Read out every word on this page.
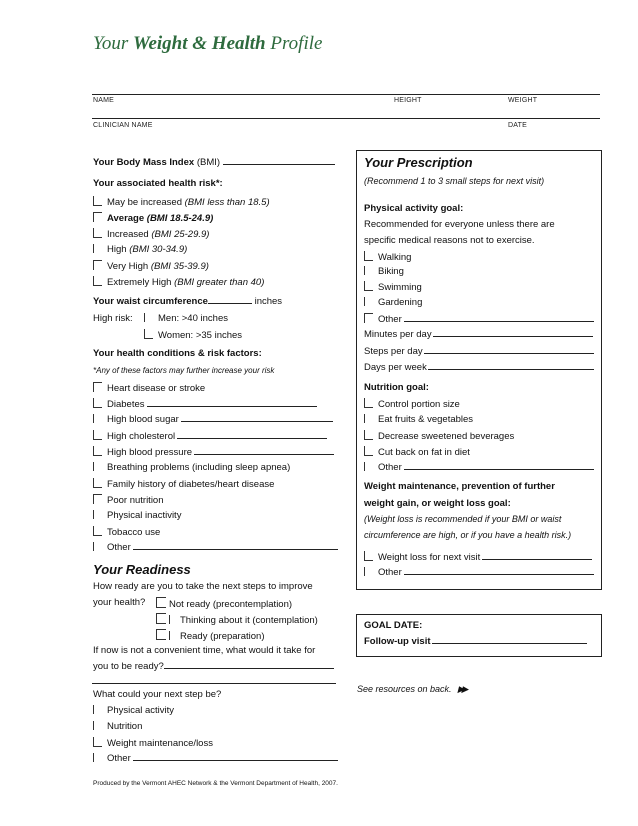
Your Weight & Health Profile
NAME	HEIGHT	WEIGHT
CLINICIAN NAME	DATE
Your Body Mass Index (BMI)
Your associated health risk*:
May be increased (BMI less than 18.5)
Average (BMI 18.5-24.9)
Increased (BMI 25-29.9)
High (BMI 30-34.9)
Very High (BMI 35-39.9)
Extremely High (BMI greater than 40)
Your waist circumference	inches
High risk:	Men: >40 inches
Women: >35 inches
Your health conditions & risk factors:
*Any of these factors may further increase your risk
Heart disease or stroke
Diabetes
High blood sugar
High cholesterol
High blood pressure
Breathing problems (including sleep apnea)
Family history of diabetes/heart disease
Poor nutrition
Physical inactivity
Tobacco use
Other
Your Readiness
How ready are you to take the next steps to improve
your health?	Not ready (precontemplation)
Thinking about it (contemplation)
Ready (preparation)
If now is not a convenient time, what would it take for
you to be ready?
What could your next step be?
Physical activity
Nutrition
Weight maintenance/loss
Other
Your Prescription
(Recommend 1 to 3 small steps for next visit)
Physical activity goal:
Recommended for everyone unless there are
specific medical reasons not to exercise.
Walking
Biking
Swimming
Gardening
Other
Minutes per day
Steps per day
Days per week
Nutrition goal:
Control portion size
Eat fruits & vegetables
Decrease sweetened beverages
Cut back on fat in diet
Other
Weight maintenance, prevention of further
weight gain, or weight loss goal:
(Weight loss is recommended if your BMI or waist
circumference are high, or if you have a health risk.)
Weight loss for next visit
Other
GOAL DATE:
Follow-up visit
See resources on back. ▶▶
Produced by the Vermont AHEC Network & the Vermont Department of Health, 2007.
